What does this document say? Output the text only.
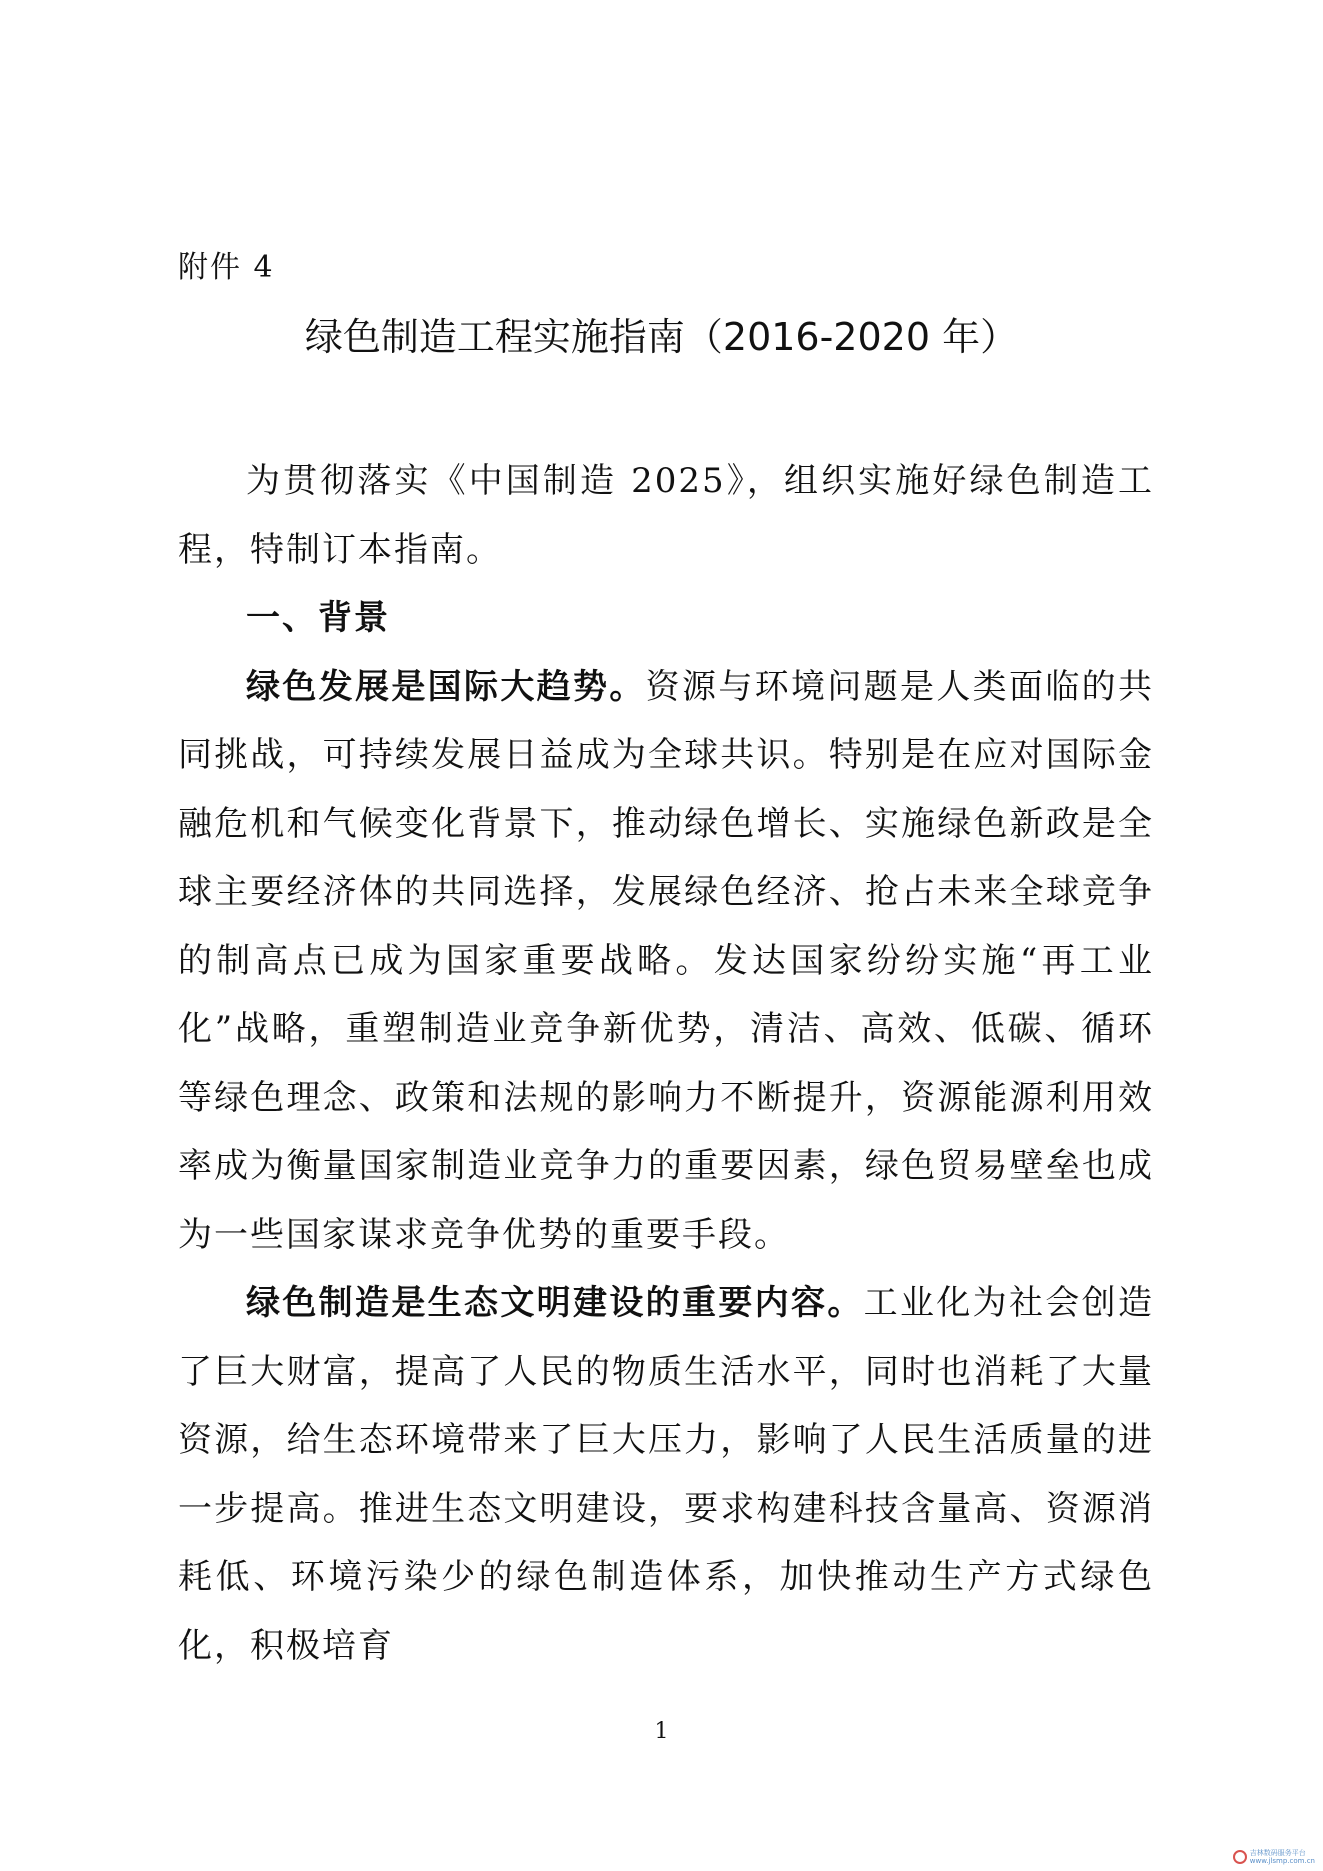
附件 4
绿色制造工程实施指南（2016-2020 年）

为贯彻落实《中国制造 2025》，组织实施好绿色制造工程，特制订本指南。

一、背景

绿色发展是国际大趋势。资源与环境问题是人类面临的共同挑战，可持续发展日益成为全球共识。特别是在应对国际金融危机和气候变化背景下，推动绿色增长、实施绿色新政是全球主要经济体的共同选择，发展绿色经济、抢占未来全球竞争的制高点已成为国家重要战略。发达国家纷纷实施“再工业化”战略，重塑制造业竞争新优势，清洁、高效、低碳、循环等绿色理念、政策和法规的影响力不断提升，资源能源利用效率成为衡量国家制造业竞争力的重要因素，绿色贸易壁垒也成为一些国家谋求竞争优势的重要手段。

绿色制造是生态文明建设的重要内容。工业化为社会创造了巨大财富，提高了人民的物质生活水平，同时也消耗了大量资源，给生态环境带来了巨大压力，影响了人民生活质量的进一步提高。推进生态文明建设，要求构建科技含量高、资源消耗低、环境污染少的绿色制造体系，加快推动生产方式绿色化，积极培育

1
吉林数码服务平台
www.jlsmp.com.cn
